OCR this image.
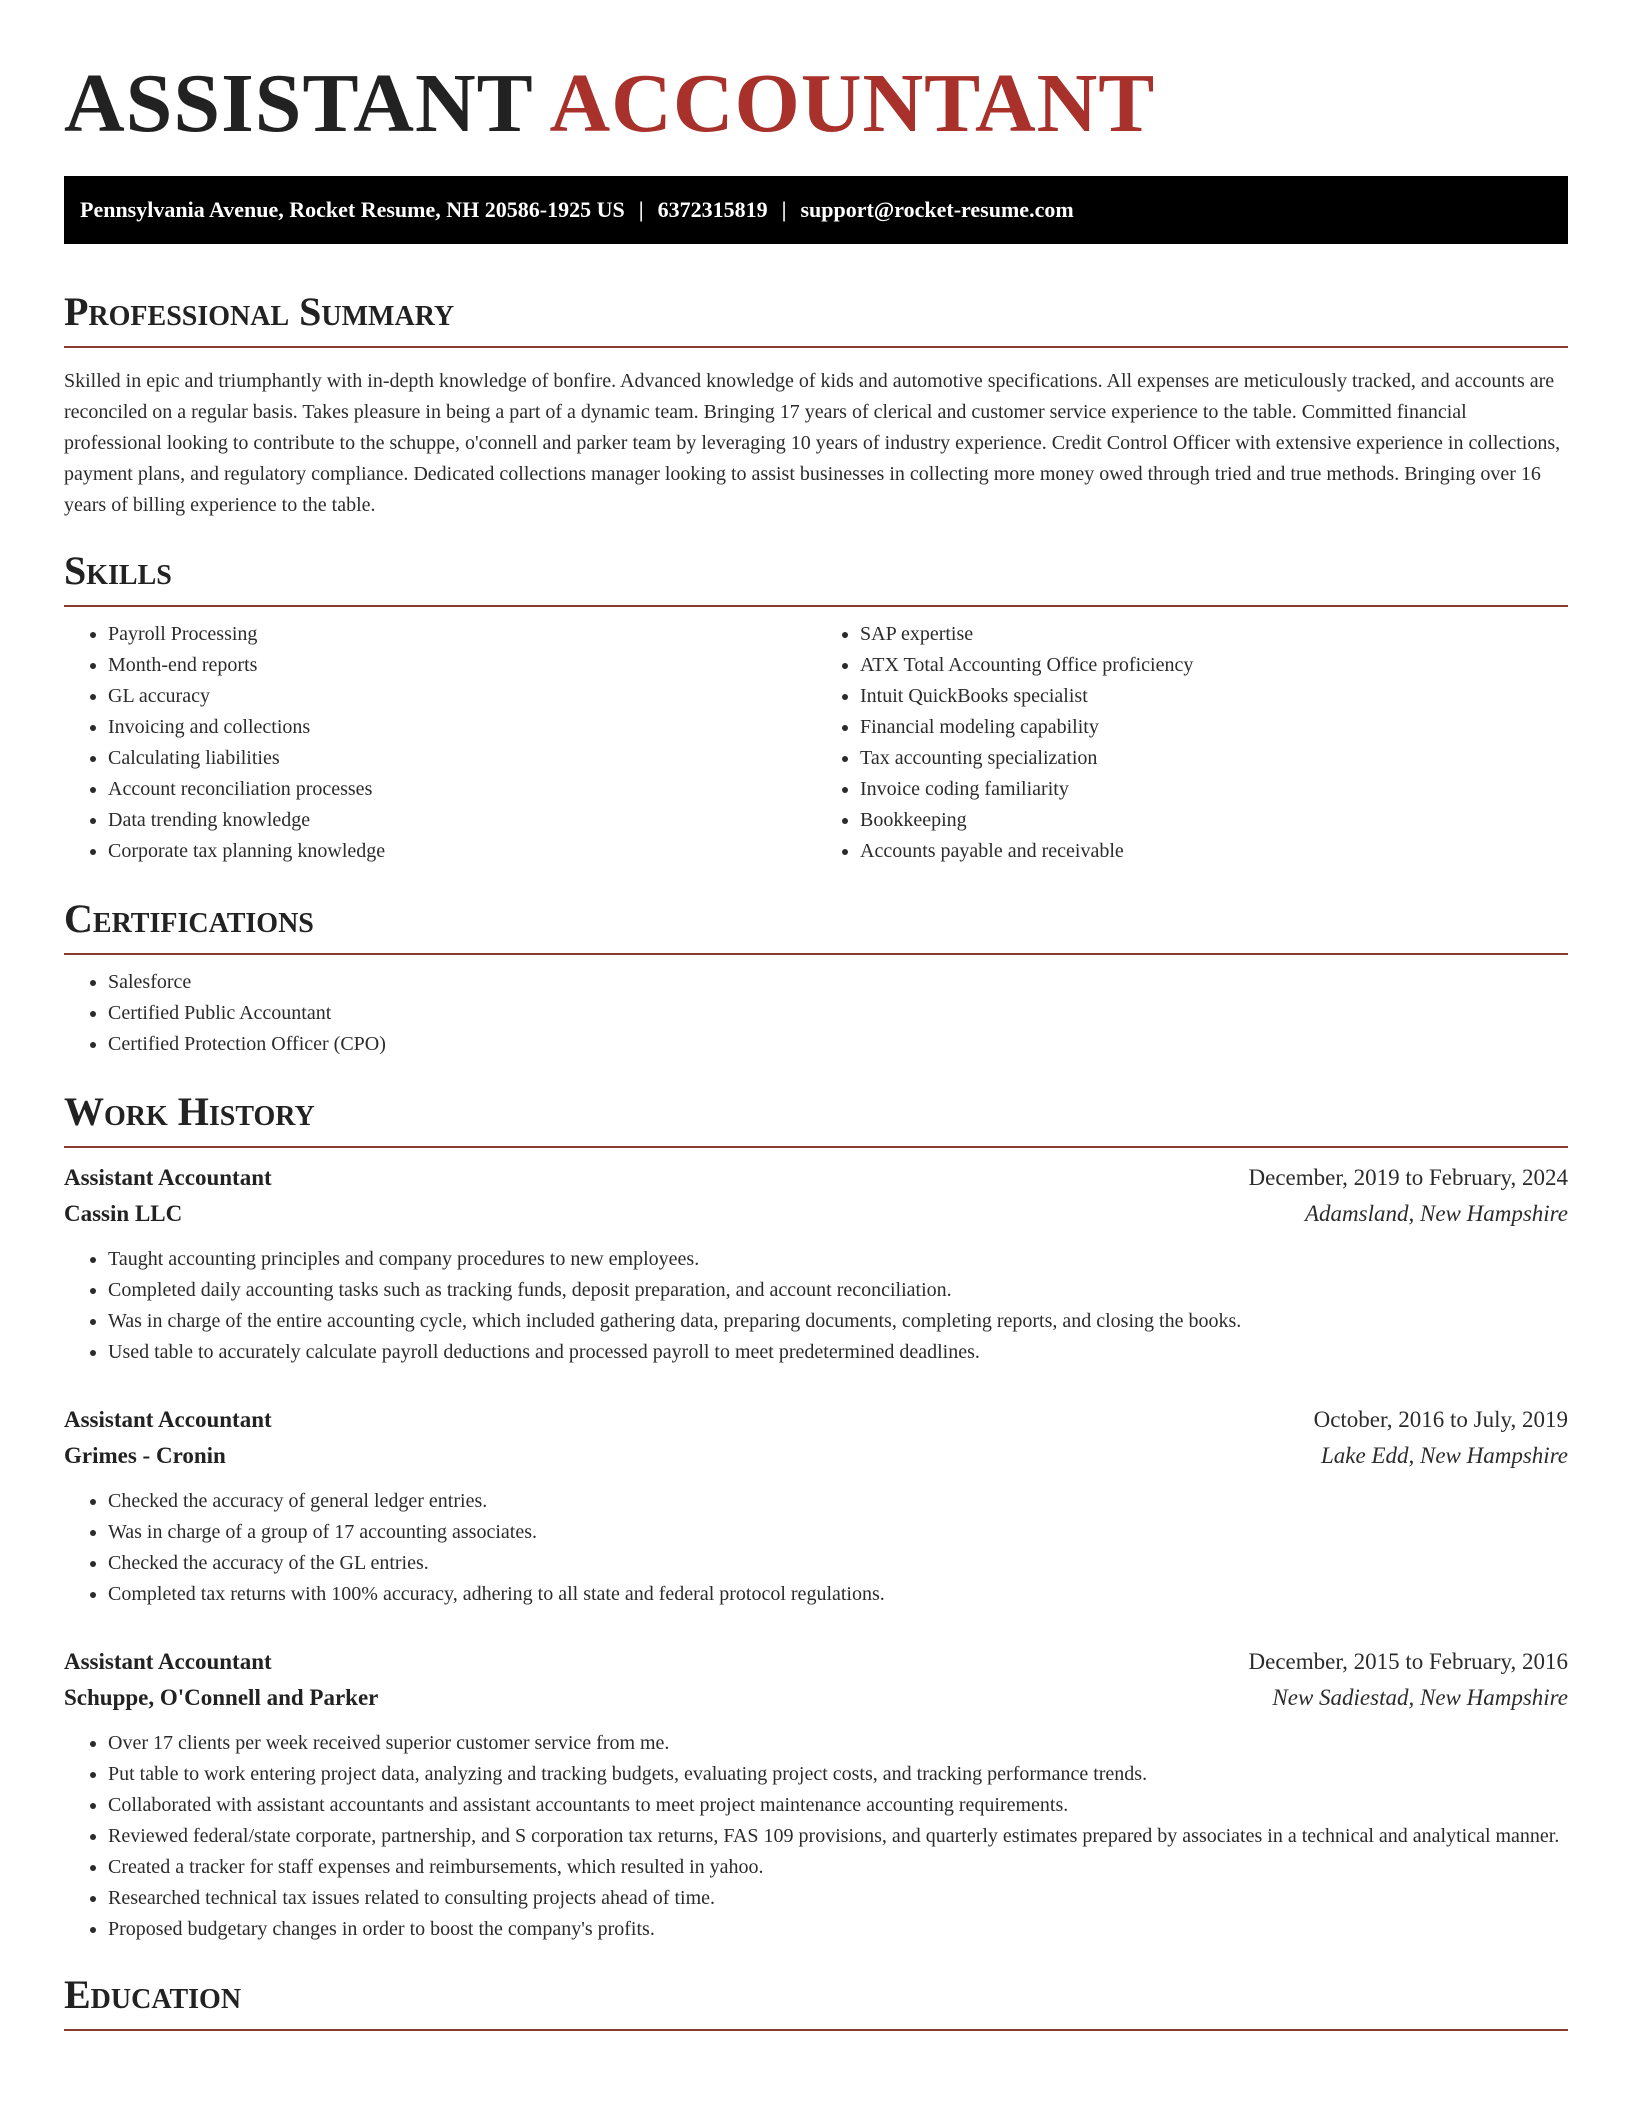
ASSISTANT ACCOUNTANT
Pennsylvania Avenue, Rocket Resume, NH 20586-1925 US | 6372315819 | support@rocket-resume.com
Professional Summary

Skilled in epic and triumphantly with in-depth knowledge of bonfire. Advanced knowledge of kids and automotive specifications. All expenses are meticulously tracked, and accounts are reconciled on a regular basis. Takes pleasure in being a part of a dynamic team. Bringing 17 years of clerical and customer service experience to the table. Committed financial professional looking to contribute to the schuppe, o'connell and parker team by leveraging 10 years of industry experience. Credit Control Officer with extensive experience in collections, payment plans, and regulatory compliance. Dedicated collections manager looking to assist businesses in collecting more money owed through tried and true methods. Bringing over 16 years of billing experience to the table.

Skills
• Payroll Processing
• Month-end reports
• GL accuracy
• Invoicing and collections
• Calculating liabilities
• Account reconciliation processes
• Data trending knowledge
• Corporate tax planning knowledge
• SAP expertise
• ATX Total Accounting Office proficiency
• Intuit QuickBooks specialist
• Financial modeling capability
• Tax accounting specialization
• Invoice coding familiarity
• Bookkeeping
• Accounts payable and receivable
Certifications
• Salesforce
• Certified Public Accountant
• Certified Protection Officer (CPO)
Work History
Assistant Accountant	December, 2019 to February, 2024
Cassin LLC	Adamsland, New Hampshire
• Taught accounting principles and company procedures to new employees.
• Completed daily accounting tasks such as tracking funds, deposit preparation, and account reconciliation.
• Was in charge of the entire accounting cycle, which included gathering data, preparing documents, completing reports, and closing the books.
• Used table to accurately calculate payroll deductions and processed payroll to meet predetermined deadlines.
Assistant Accountant	October, 2016 to July, 2019
Grimes - Cronin	Lake Edd, New Hampshire
• Checked the accuracy of general ledger entries.
• Was in charge of a group of 17 accounting associates.
• Checked the accuracy of the GL entries.
• Completed tax returns with 100% accuracy, adhering to all state and federal protocol regulations.
Assistant Accountant	December, 2015 to February, 2016
Schuppe, O'Connell and Parker	New Sadiestad, New Hampshire
• Over 17 clients per week received superior customer service from me.
• Put table to work entering project data, analyzing and tracking budgets, evaluating project costs, and tracking performance trends.
• Collaborated with assistant accountants and assistant accountants to meet project maintenance accounting requirements.
• Reviewed federal/state corporate, partnership, and S corporation tax returns, FAS 109 provisions, and quarterly estimates prepared by associates in a technical and analytical manner.
• Created a tracker for staff expenses and reimbursements, which resulted in yahoo.
• Researched technical tax issues related to consulting projects ahead of time.
• Proposed budgetary changes in order to boost the company's profits.
Education
